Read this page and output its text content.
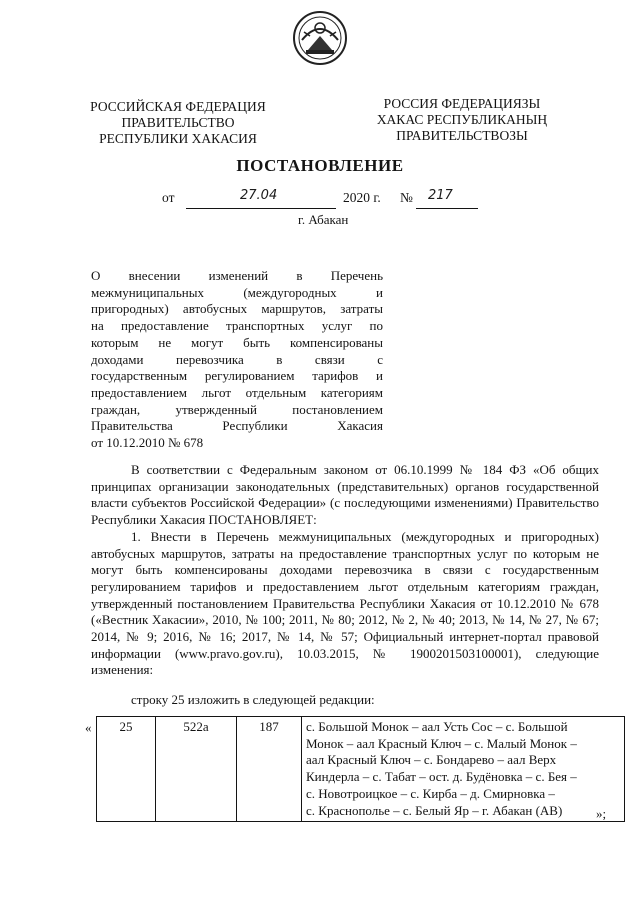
РОССИЙСКАЯ ФЕДЕРАЦИЯ
ПРАВИТЕЛЬСТВО
РЕСПУБЛИКИ ХАКАСИЯ
РОССИЯ ФЕДЕРАЦИЯЗЫ
ХАКАС РЕСПУБЛИКАНЫҢ
ПРАВИТЕЛЬСТВОЗЫ
ПОСТАНОВЛЕНИЕ
от	27.04	2020 г. № 217
г. Абакан
О внесении изменений в Перечень
межмуниципальных (междугородных и
пригородных) автобусных маршрутов, затраты
на предоставление транспортных услуг по
которым не могут быть компенсированы
доходами перевозчика в связи с
государственным регулированием тарифов и
предоставлением льгот отдельным категориям
граждан, утвержденный постановлением
Правительства Республики Хакасия
от 10.12.2010 № 678
В соответствии с Федеральным законом от 06.10.1999 № 184 ФЗ «Об общих принципах организации законодательных (представительных) органов государственной власти субъектов Российской Федерации» (с последующими изменениями) Правительство Республики Хакасия ПОСТАНОВЛЯЕТ:
1. Внести в Перечень межмуниципальных (междугородных и пригородных) автобусных маршрутов, затраты на предоставление транспортных услуг по которым не могут быть компенсированы доходами перевозчика в связи с государственным регулированием тарифов и предоставлением льгот отдельным категориям граждан, утвержденный постановлением Правительства Республики Хакасия от 10.12.2010 № 678 («Вестник Хакасии», 2010, № 100; 2011, № 80; 2012, № 2, № 40; 2013, № 14, № 27, № 67; 2014, № 9; 2016, № 16; 2017, № 14, № 57; Официальный интернет-портал правовой информации (www.pravo.gov.ru), 10.03.2015, № 1900201503100001), следующие изменения:
строку 25 изложить в следующей редакции:
« 25	522а	187	с. Большой Монок – аал Усть Сос – с. Большой
Монок – аал Красный Ключ – с. Малый Монок –
аал Красный Ключ – с. Бондарево – аал Верх
Киндерла – с. Табат – ост. д. Будёновка – с. Бея –
с. Новотроицкое – с. Кирба – д. Смирновка –
с. Краснополье – с. Белый Яр – г. Абакан (АВ)	»;
